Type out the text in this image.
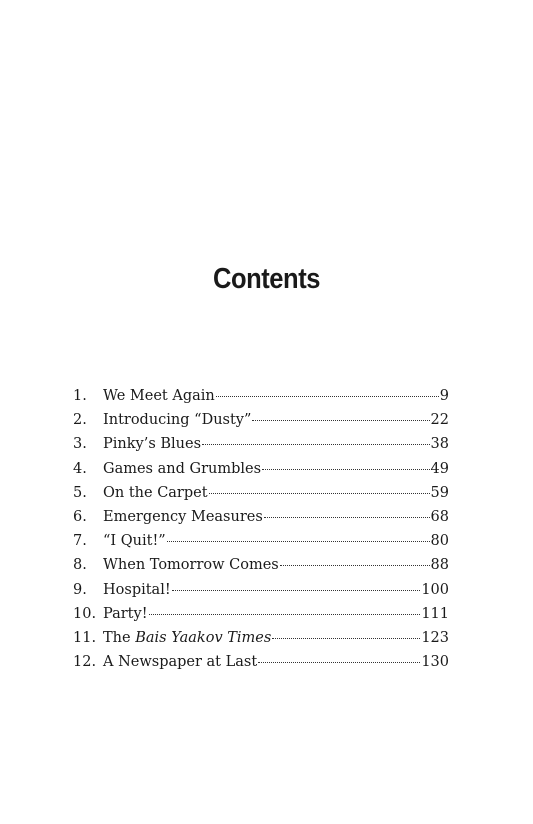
Contents
1.	We Meet Again	9
2.	Introducing “Dusty”	22
3.	Pinky’s Blues	38
4.	Games and Grumbles	49
5.	On the Carpet	59
6.	Emergency Measures	68
7.	“I Quit!”	80
8.	When Tomorrow Comes	88
9.	Hospital!	100
10. Party!	111
11. The Bais Yaakov Times	123
12. A Newspaper at Last	130
